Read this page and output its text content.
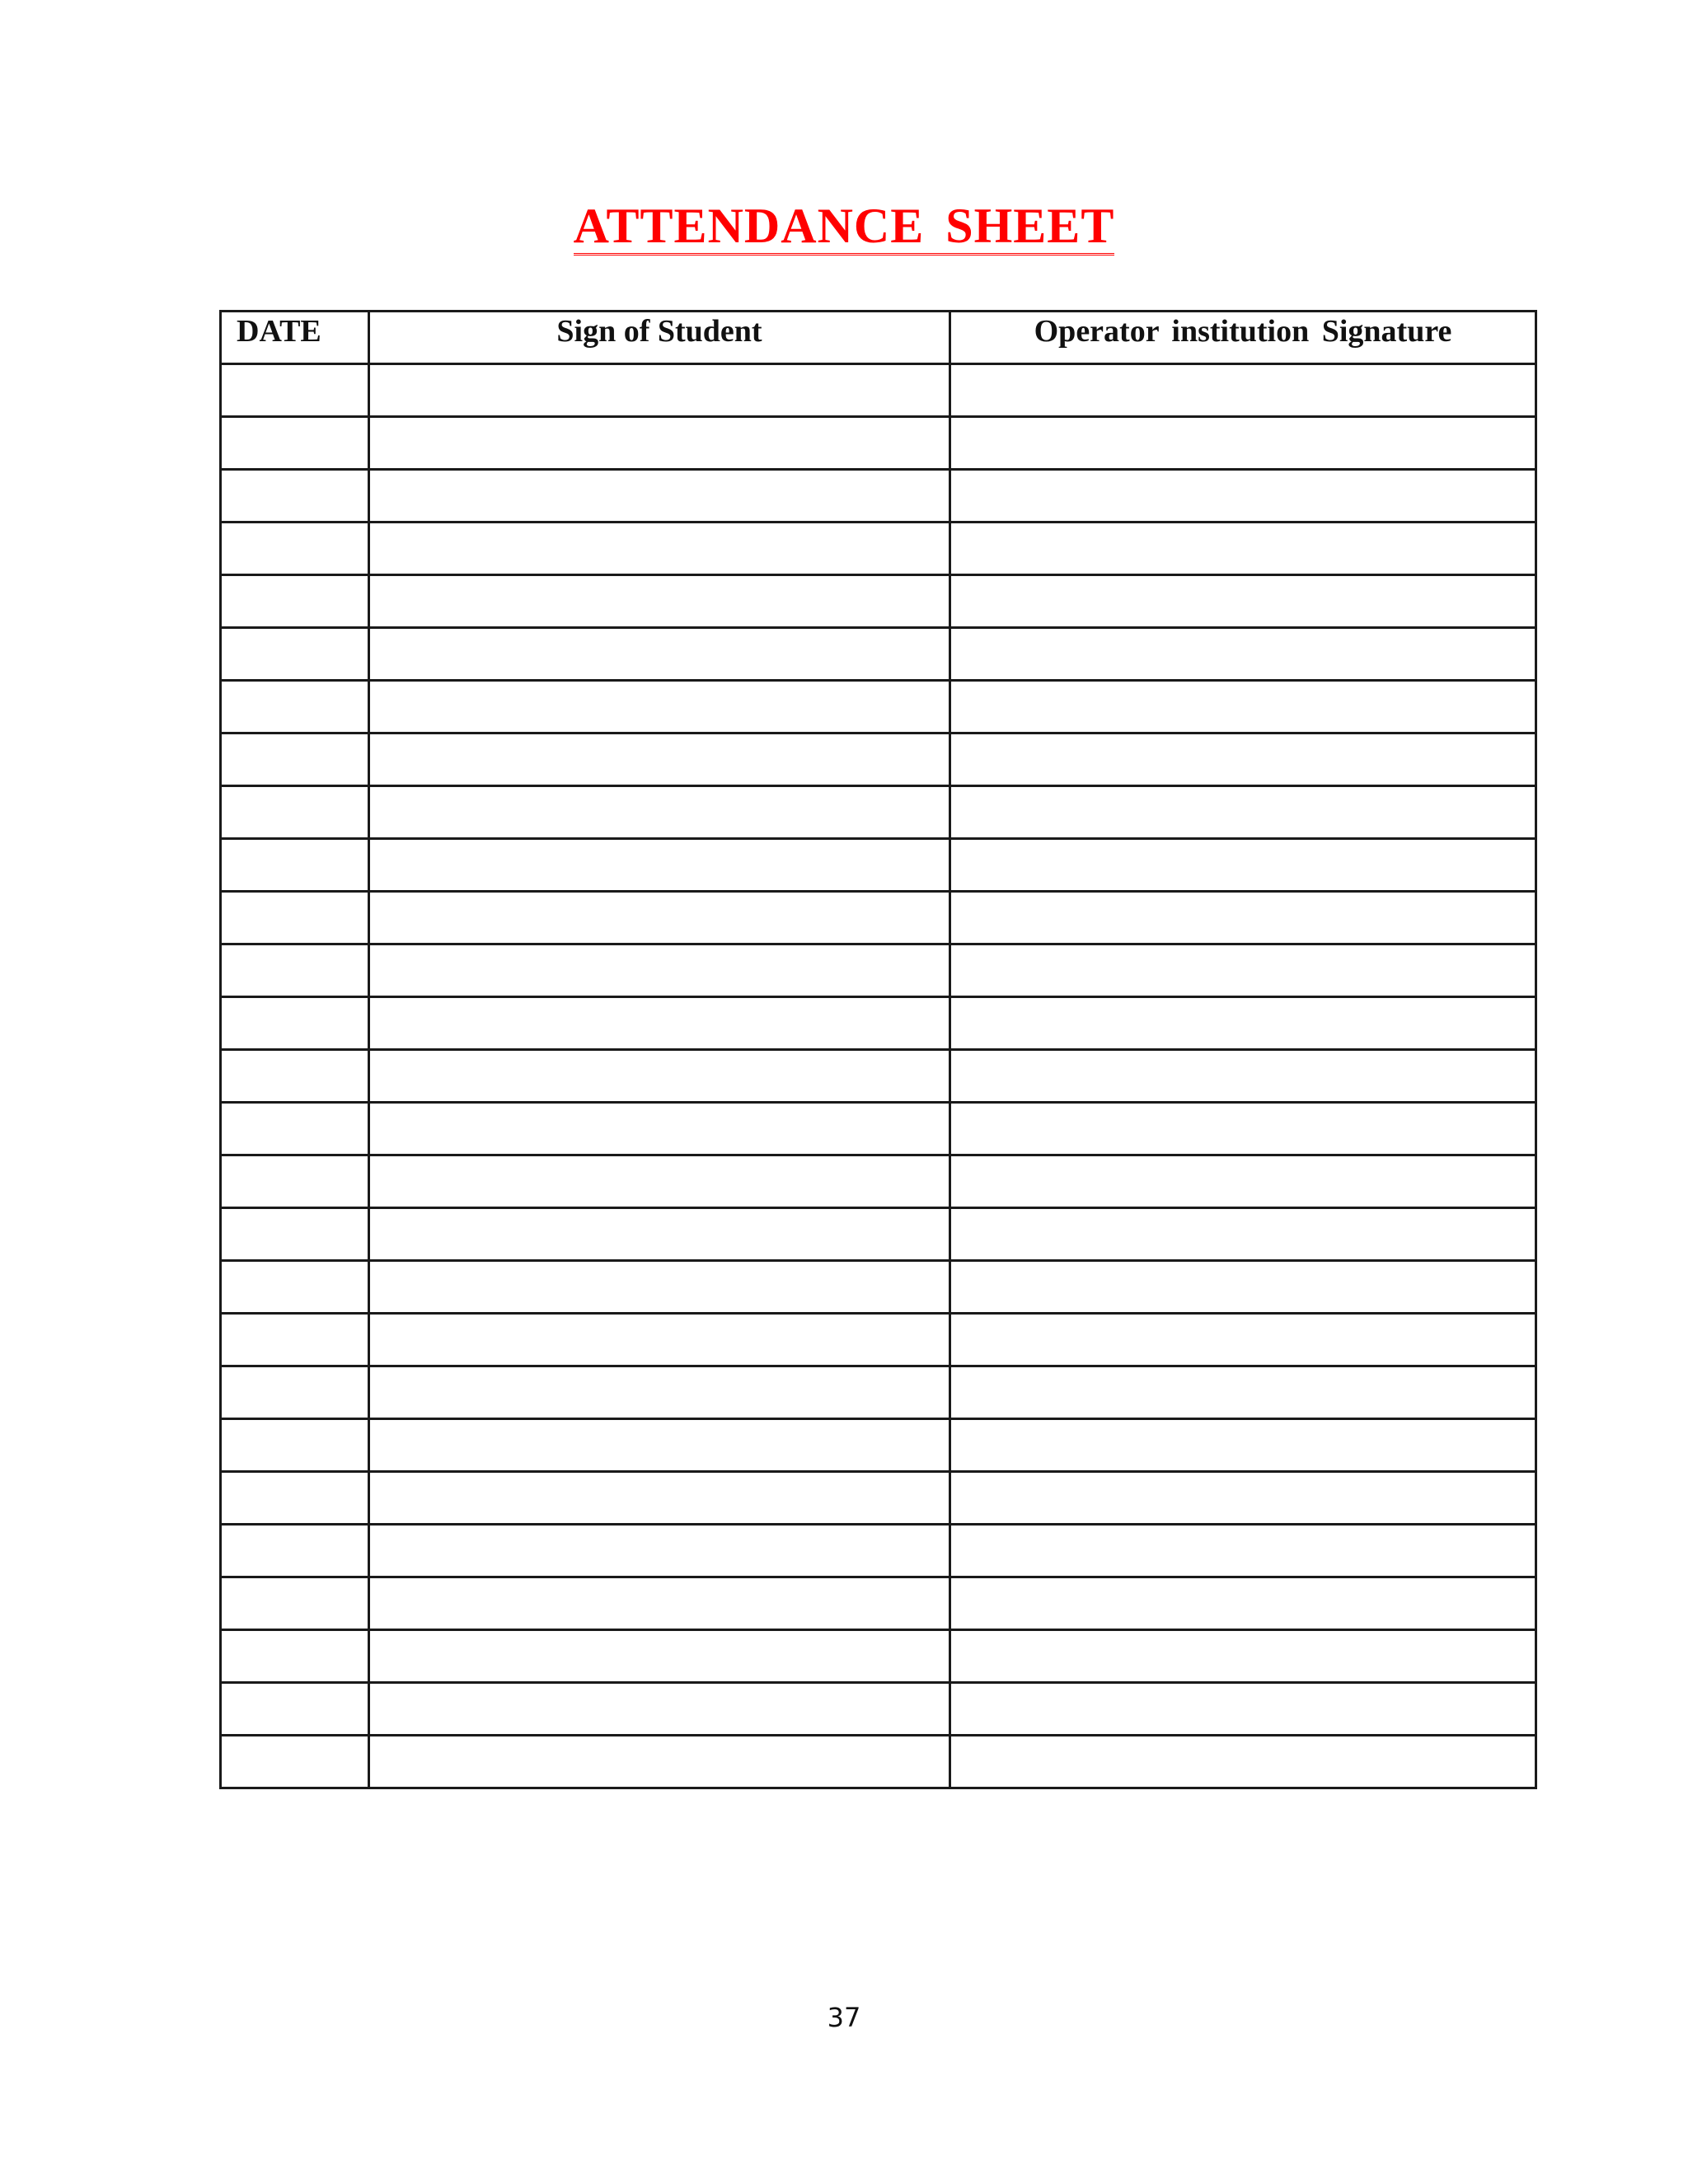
ATTENDANCE SHEET
DATE	Sign of Student	Operator institution Signature

37
